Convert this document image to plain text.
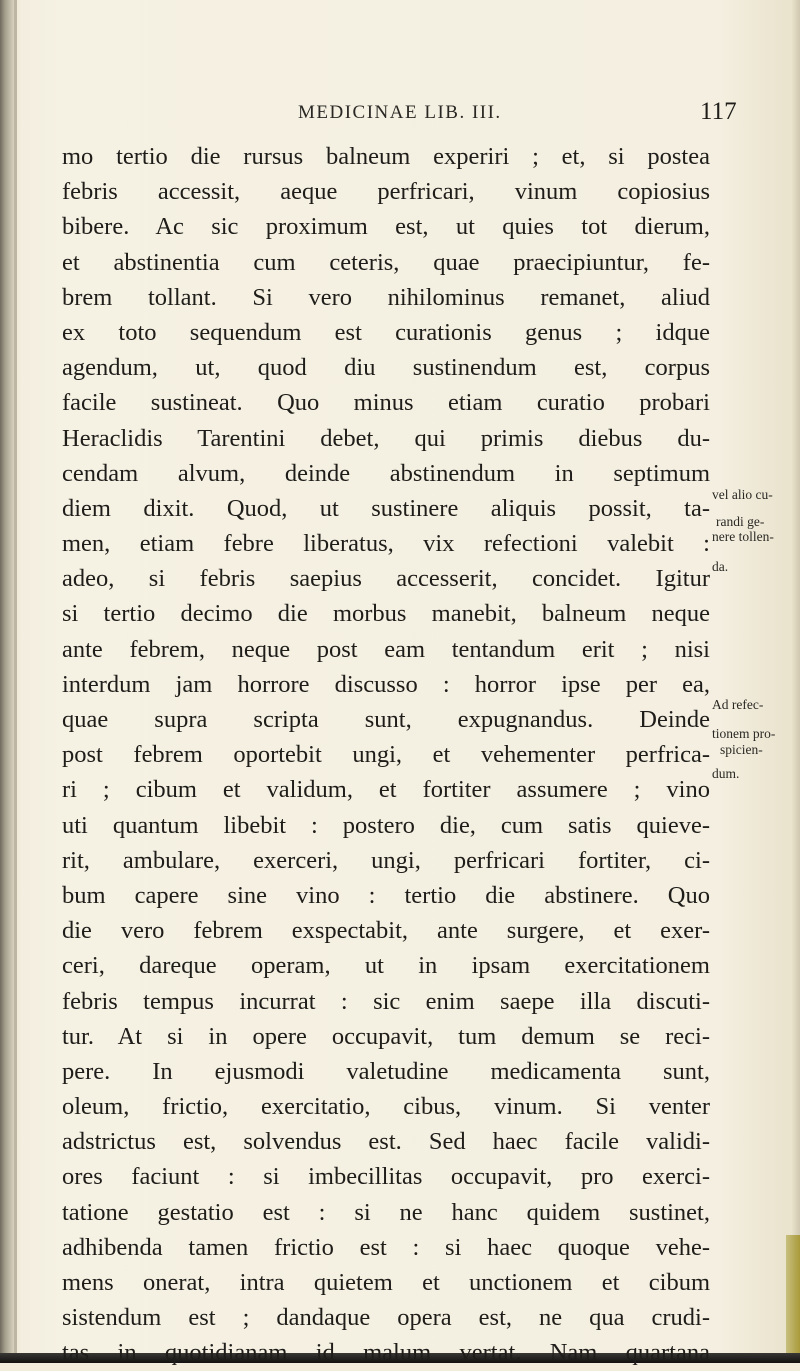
MEDICINAE LIB. III.	117
mo tertio die rursus balneum experiri ; et, si postea
febris accessit, aeque perfricari, vinum copiosius
bibere. Ac sic proximum est, ut quies tot dierum,
et abstinentia cum ceteris, quae praecipiuntur, fe-
brem tollant. Si vero nihilominus remanet, aliud
ex toto sequendum est curationis genus ; idque
agendum, ut, quod diu sustinendum est, corpus
facile sustineat. Quo minus etiam curatio probari
Heraclidis Tarentini debet, qui primis diebus du-
cendam alvum, deinde abstinendum in septimum
diem dixit. Quod, ut sustinere aliquis possit, ta-
men, etiam febre liberatus, vix refectioni valebit :
adeo, si febris saepius accesserit, concidet. Igitur
si tertio decimo die morbus manebit, balneum neque
ante febrem, neque post eam tentandum erit ; nisi
interdum jam horrore discusso : horror ipse per ea,
quae supra scripta sunt, expugnandus. Deinde
post febrem oportebit ungi, et vehementer perfrica-
ri ; cibum et validum, et fortiter assumere ; vino
uti quantum libebit : postero die, cum satis quieve-
rit, ambulare, exerceri, ungi, perfricari fortiter, ci-
bum capere sine vino : tertio die abstinere. Quo
die vero febrem exspectabit, ante surgere, et exer-
ceri, dareque operam, ut in ipsam exercitationem
febris tempus incurrat : sic enim saepe illa discuti-
tur. At si in opere occupavit, tum demum se reci-
pere. In ejusmodi valetudine medicamenta sunt,
oleum, frictio, exercitatio, cibus, vinum. Si venter
adstrictus est, solvendus est. Sed haec facile validi-
ores faciunt : si imbecillitas occupavit, pro exerci-
tatione gestatio est : si ne hanc quidem sustinet,
adhibenda tamen frictio est : si haec quoque vehe-
mens onerat, intra quietem et unctionem et cibum
sistendum est ; dandaque opera est, ne qua crudi-
tas in quotidianam id malum vertat. Nam quartana
vel alio cu-
randi ge-
nere tollen-
da.
Ad refec-
tionem pro-
spicien-
dum.
